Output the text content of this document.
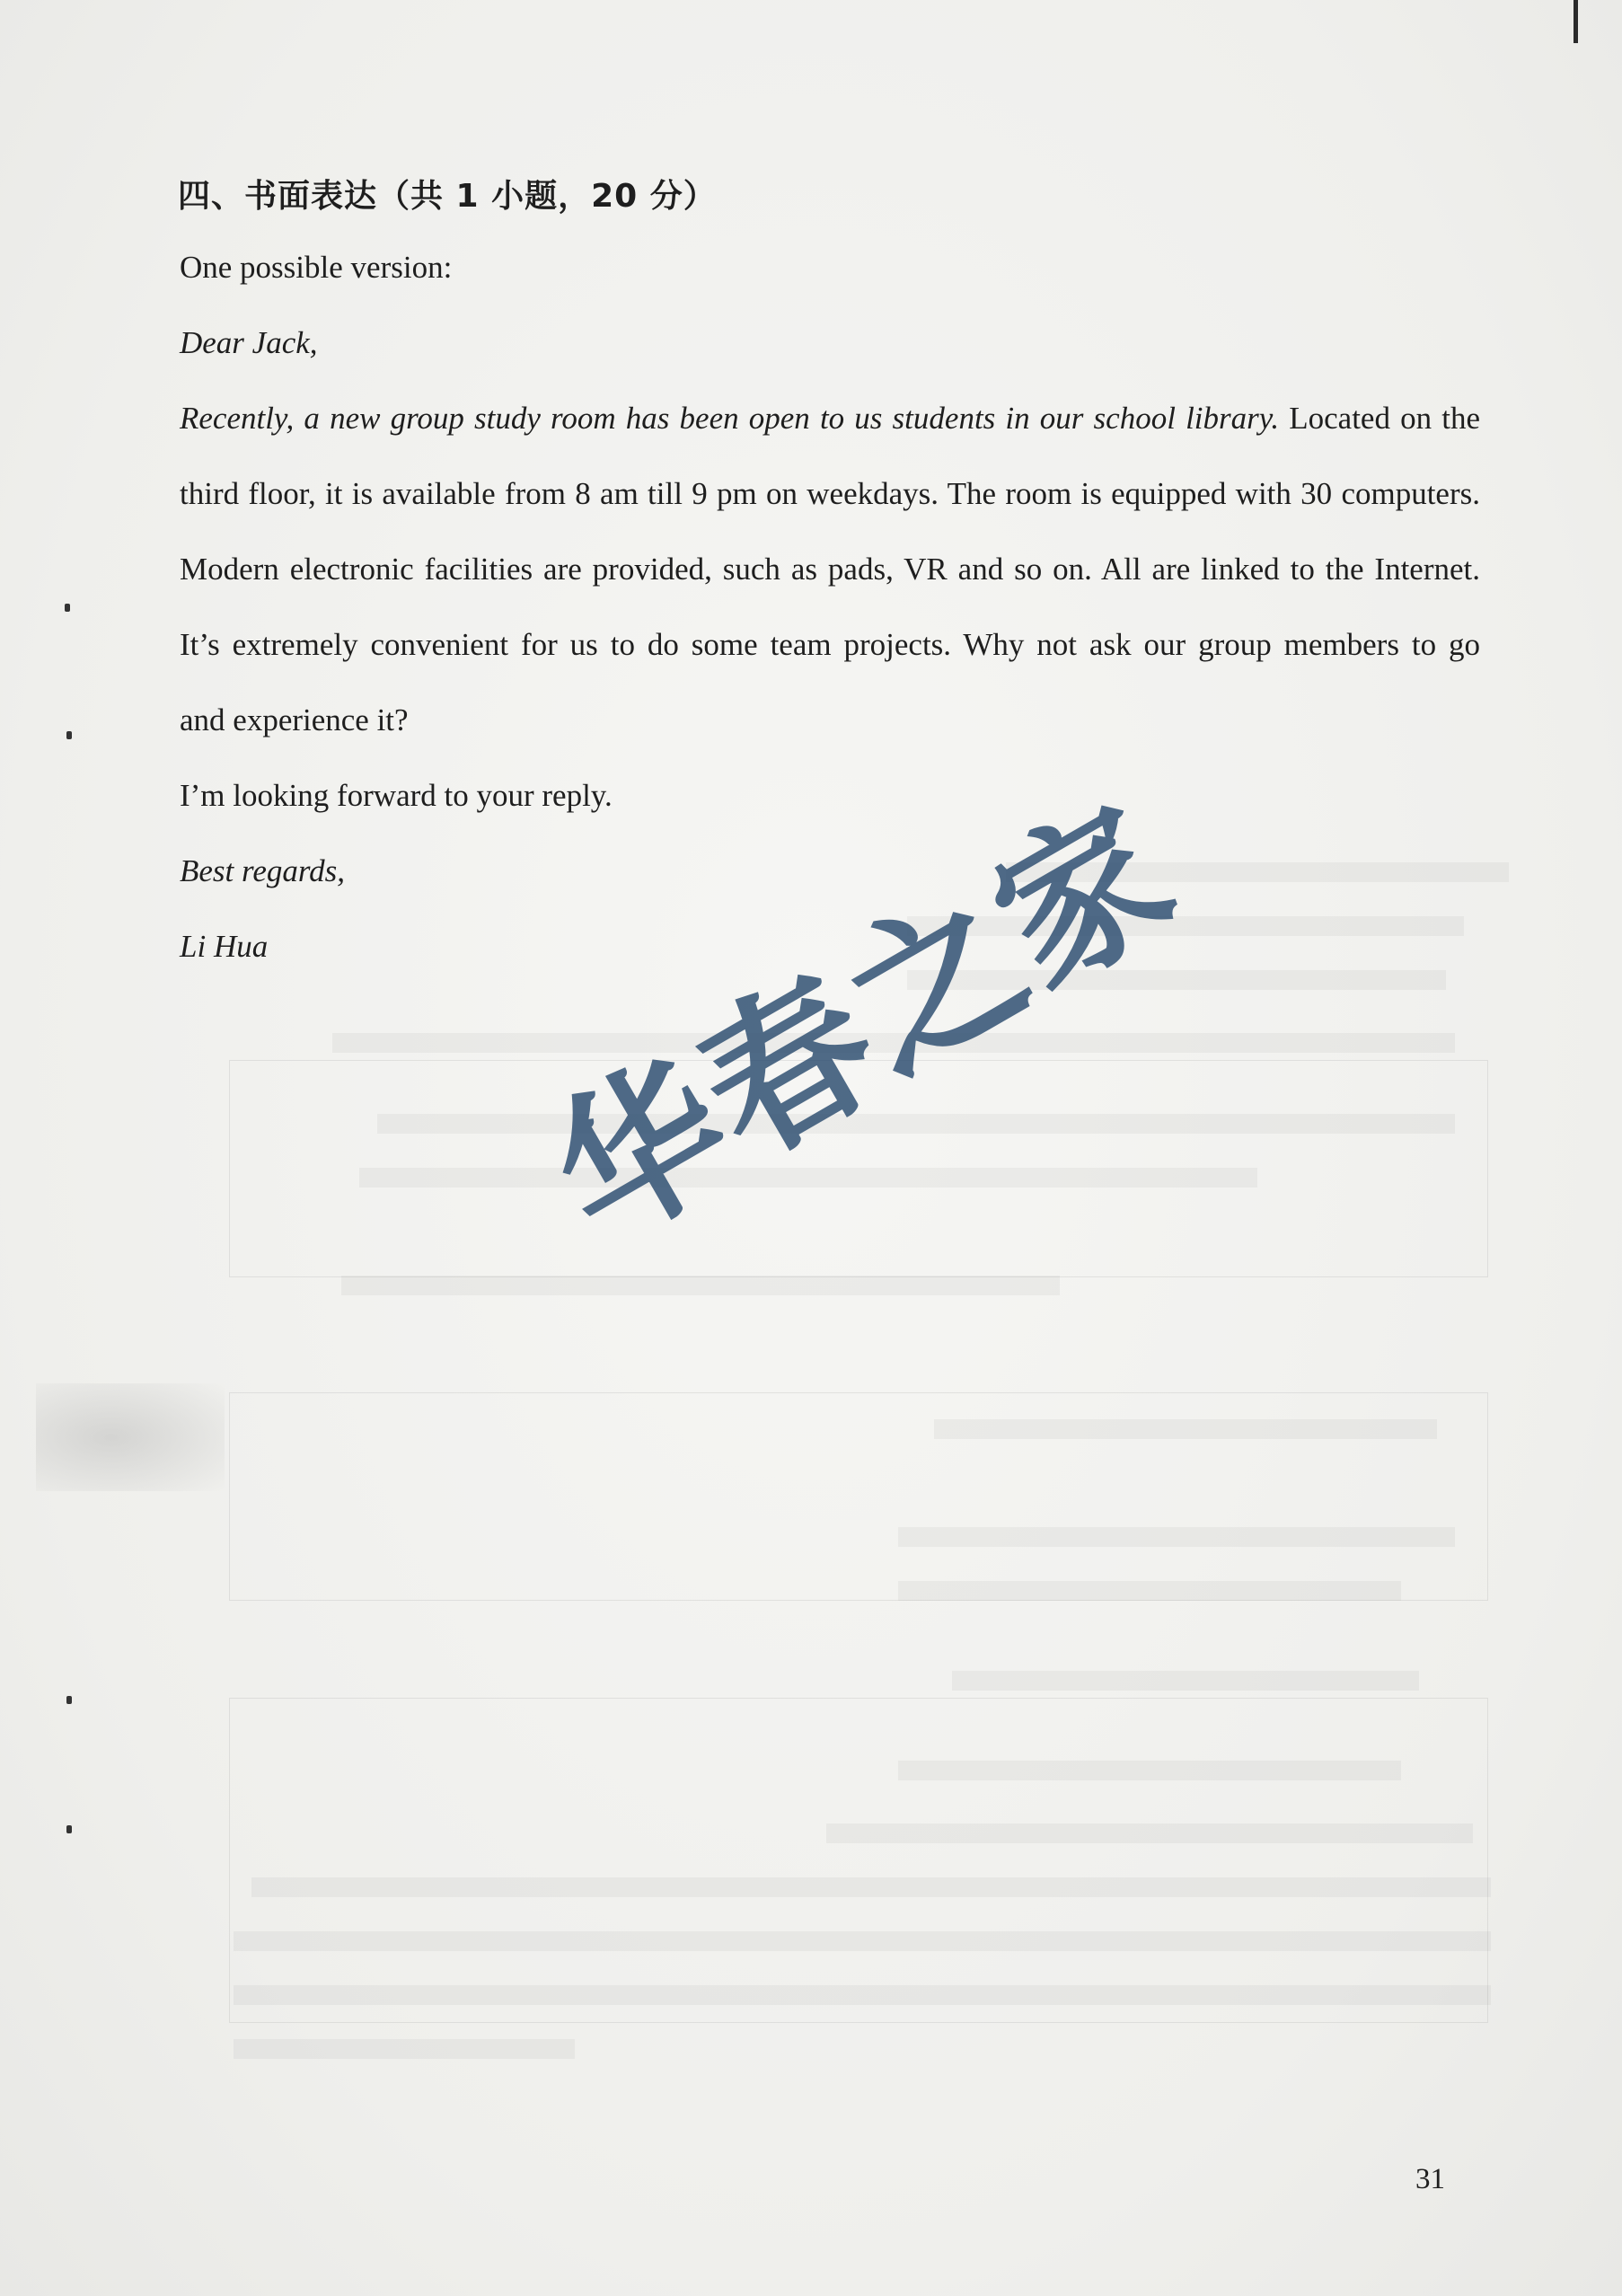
四、书面表达（共 1 小题，20 分）
One possible version:
Dear Jack,
Recently, a new group study room has been open to us students in our school library. Located on the
third floor, it is available from 8 am till 9 pm on weekdays. The room is equipped with 30 computers.
Modern electronic facilities are provided, such as pads, VR and so on. All are linked to the Internet.
It’s extremely convenient for us to do some team projects. Why not ask our group members to go
and experience it?
I’m looking forward to your reply.
Best regards,
Li Hua 华春之家
31
